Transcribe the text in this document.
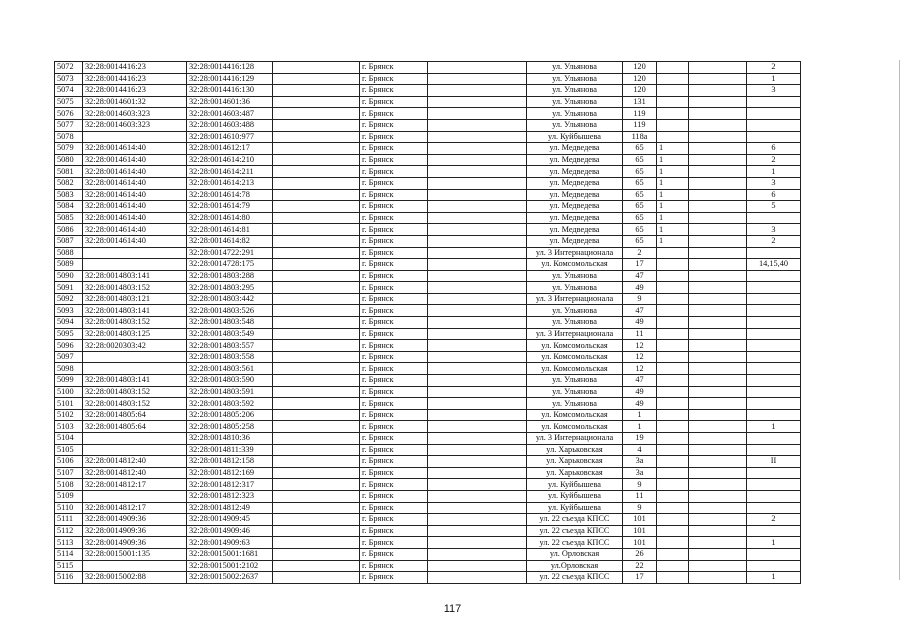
5072	32:28:0014416:23	32:28:0014416:128		г. Брянск		ул. Ульянова	120			2
5073	32:28:0014416:23	32:28:0014416:129		г. Брянск		ул. Ульянова	120			1
5074	32:28:0014416:23	32:28:0014416:130		г. Брянск		ул. Ульянова	120			3
5075	32:28:0014601:32	32:28:0014601:36		г. Брянск		ул. Ульянова	131			
5076	32:28:0014603:323	32:28:0014603:487		г. Брянск		ул. Ульянова	119			
5077	32:28:0014603:323	32:28:0014603:488		г. Брянск		ул. Ульянова	119			
5078		32:28:0014610:977		г. Брянск		ул. Куйбышева	118а			
5079	32:28:0014614:40	32:28:0014612:17		г. Брянск		ул. Медведева	65	1		6
5080	32:28:0014614:40	32:28:0014614:210		г. Брянск		ул. Медведева	65	1		2
5081	32:28:0014614:40	32:28:0014614:211		г. Брянск		ул. Медведева	65	1		1
5082	32:28:0014614:40	32:28:0014614:213		г. Брянск		ул. Медведева	65	1		3
5083	32:28:0014614:40	32:28:0014614:78		г. Брянск		ул. Медведева	65	1		6
5084	32:28:0014614:40	32:28:0014614:79		г. Брянск		ул. Медведева	65	1		5
5085	32:28:0014614:40	32:28:0014614:80		г. Брянск		ул. Медведева	65	1		
5086	32:28:0014614:40	32:28:0014614:81		г. Брянск		ул. Медведева	65	1		3
5087	32:28:0014614:40	32:28:0014614:82		г. Брянск		ул. Медведева	65	1		2
5088		32:28:0014722:291		г. Брянск		ул. 3 Интернационала	2			
5089		32:28:0014728:175		г. Брянск		ул. Комсомольская	17			14,15,40
5090	32:28:0014803:141	32:28:0014803:288		г. Брянск		ул. Ульянова	47			
5091	32:28:0014803:152	32:28:0014803:295		г. Брянск		ул. Ульянова	49			
5092	32:28:0014803:121	32:28:0014803:442		г. Брянск		ул. 3 Интернационала	9			
5093	32:28:0014803:141	32:28:0014803:526		г. Брянск		ул. Ульянова	47			
5094	32:28:0014803:152	32:28:0014803:548		г. Брянск		ул. Ульянова	49			
5095	32:28:0014803:125	32:28:0014803:549		г. Брянск		ул. 3 Интернационала	11			
5096	32:28:0020303:42	32:28:0014803:557		г. Брянск		ул. Комсомольская	12			
5097		32:28:0014803:558		г. Брянск		ул. Комсомольская	12			
5098		32:28:0014803:561		г. Брянск		ул. Комсомольская	12			
5099	32:28:0014803:141	32:28:0014803:590		г. Брянск		ул. Ульянова	47			
5100	32:28:0014803:152	32:28:0014803:591		г. Брянск		ул. Ульянова	49			
5101	32:28:0014803:152	32:28:0014803:592		г. Брянск		ул. Ульянова	49			
5102	32:28:0014805:64	32:28:0014805:206		г. Брянск		ул. Комсомольская	1			
5103	32:28:0014805:64	32:28:0014805:258		г. Брянск		ул. Комсомольская	1			1
5104		32:28:0014810:36		г. Брянск		ул. 3 Интернационала	19			
5105		32:28:0014811:339		г. Брянск		ул. Харьковская	4			
5106	32:28:0014812:40	32:28:0014812:158		г. Брянск		ул. Харьковская	3а			II
5107	32:28:0014812:40	32:28:0014812:169		г. Брянск		ул. Харьковская	3а			
5108	32:28:0014812:17	32:28:0014812:317		г. Брянск		ул. Куйбышева	9			
5109		32:28:0014812:323		г. Брянск		ул. Куйбышева	11			
5110	32:28:0014812:17	32:28:0014812:49		г. Брянск		ул. Куйбышева	9			
5111	32:28:0014909:36	32:28:0014909:45		г. Брянск		ул. 22 съезда КПСС	101			2
5112	32:28:0014909:36	32:28:0014909:46		г. Брянск		ул. 22 съезда КПСС	101			
5113	32:28:0014909:36	32:28:0014909:63		г. Брянск		ул. 22 съезда КПСС	101			1
5114	32:28:0015001:135	32:28:0015001:1681		г. Брянск		ул. Орловская	26			
5115		32:28:0015001:2102		г. Брянск		ул.Орловская	22			
5116	32:28:0015002:88	32:28:0015002:2637		г. Брянск		ул. 22 съезда КПСС	17			1
117
